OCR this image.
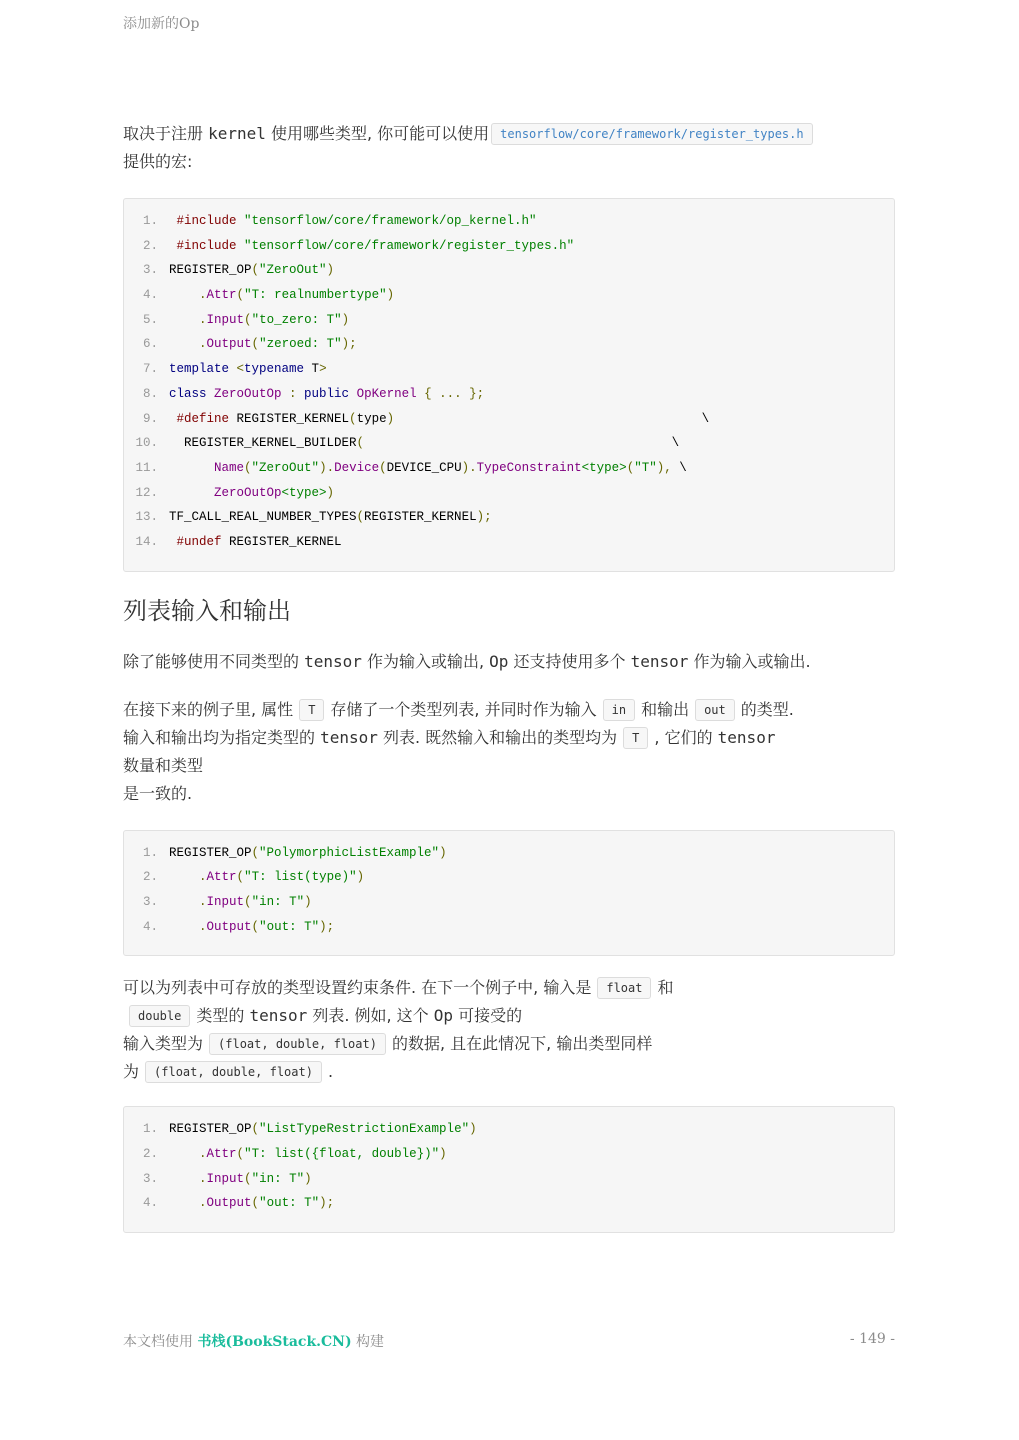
添加新的Op

取决于注册 kernel 使用哪些类型, 你可能可以使用 tensorflow/core/framework/register_types.h
提供的宏:

1. #include "tensorflow/core/framework/op_kernel.h"
2. #include "tensorflow/core/framework/register_types.h"
3. REGISTER_OP("ZeroOut")
4.	.Attr("T: realnumbertype")
5.	.Input("to_zero: T")
6.	.Output("zeroed: T");
7. template <typename T>
8. class ZeroOutOp : public OpKernel { ... };
9. #define REGISTER_KERNEL(type)                                         \
10.  REGISTER_KERNEL_BUILDER(                                         \
11.	Name("ZeroOut").Device(DEVICE_CPU).TypeConstraint<type>("T"), \
12.	ZeroOutOp<type>)
13. TF_CALL_REAL_NUMBER_TYPES(REGISTER_KERNEL);
14. #undef REGISTER_KERNEL
列表输入和输出

除了能够使用不同类型的 tensor 作为输入或输出, Op 还支持使用多个 tensor 作为输入或输出.

在接下来的例子里, 属性 T 存储了一个类型列表, 并同时作为输入 in 和输出 out 的类型.
输入和输出均为指定类型的 tensor 列表. 既然输入和输出的类型均为 T , 它们的 tensor
数量和类型
是一致的.

1. REGISTER_OP("PolymorphicListExample")
2.	.Attr("T: list(type)")
3.	.Input("in: T")
4.	.Output("out: T");

可以为列表中可存放的类型设置约束条件. 在下一个例子中, 输入是 float 和
double 类型的 tensor 列表. 例如, 这个 Op 可接受的
输入类型为 (float, double, float) 的数据, 且在此情况下, 输出类型同样
为 (float, double, float) .

1. REGISTER_OP("ListTypeRestrictionExample")
2.	.Attr("T: list({float, double})")
3.	.Input("in: T")
4.	.Output("out: T");
本文档使用 书栈(BookStack.CN) 构建	- 149 -
